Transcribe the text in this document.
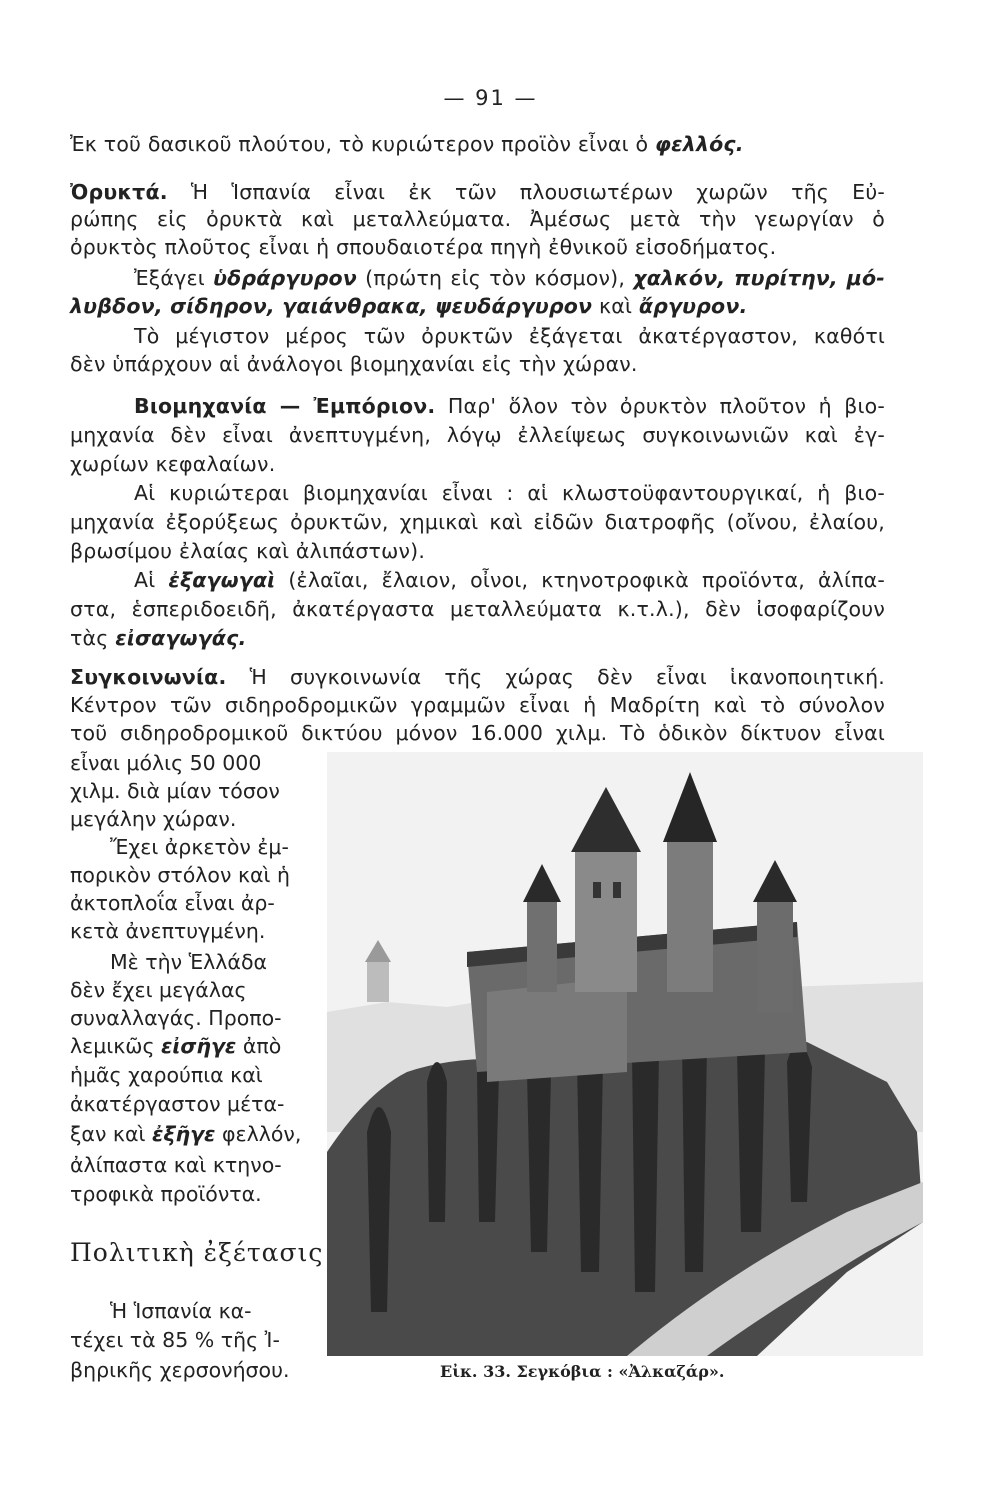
— 91 —
Ἐκ τοῦ δασικοῦ πλούτου, τὸ κυριώτερον προϊὸν εἶναι ὁ φελλός.
Ὀρυκτά. Ἡ Ἱσπανία εἶναι ἐκ τῶν πλουσιωτέρων χωρῶν τῆς Εὐ-
ρώπης εἰς ὀρυκτὰ καὶ μεταλλεύματα. Ἀμέσως μετὰ τὴν γεωργίαν ὁ
ὀρυκτὸς πλοῦτος εἶναι ἡ σπουδαιοτέρα πηγὴ ἐθνικοῦ εἰσοδήματος.
Ἐξάγει ὑδράργυρον (πρώτη εἰς τὸν κόσμον), χαλκόν, πυρίτην, μό-
λυβδον, σίδηρον, γαιάνθρακα, ψευδάργυρον καὶ ἄργυρον.
Τὸ μέγιστον μέρος τῶν ὀρυκτῶν ἐξάγεται ἀκατέργαστον, καθότι
δὲν ὑπάρχουν αἱ ἀνάλογοι βιομηχανίαι εἰς τὴν χώραν.
Βιομηχανία — Ἐμπόριον. Παρ' ὅλον τὸν ὀρυκτὸν πλοῦτον ἡ βιο-
μηχανία δὲν εἶναι ἀνεπτυγμένη, λόγῳ ἐλλείψεως συγκοινωνιῶν καὶ ἐγ-
χωρίων κεφαλαίων.
Αἱ κυριώτεραι βιομηχανίαι εἶναι : αἱ κλωστοϋφαντουργικαί, ἡ βιο-
μηχανία ἐξορύξεως ὀρυκτῶν, χημικαὶ καὶ εἰδῶν διατροφῆς (οἴνου, ἐλαίου,
βρωσίμου ἐλαίας καὶ ἀλιπάστων).
Αἱ ἐξαγωγαὶ (ἐλαῖαι, ἔλαιον, οἶνοι, κτηνοτροφικὰ προϊόντα, ἀλίπα-
στα, ἑσπεριδοειδῆ, ἀκατέργαστα μεταλλεύματα κ.τ.λ.), δὲν ἰσοφαρίζουν
τὰς εἰσαγωγάς.
Συγκοινωνία. Ἡ συγκοινωνία τῆς χώρας δὲν εἶναι ἱκανοποιητική.
Κέντρον τῶν σιδηροδρομικῶν γραμμῶν εἶναι ἡ Μαδρίτη καὶ τὸ σύνολον
τοῦ σιδηροδρομικοῦ δικτύου μόνον 16.000 χιλμ. Τὸ ὁδικὸν δίκτυον εἶναι
εἶναι μόλις 50 000
χιλμ. διὰ μίαν τόσον
μεγάλην χώραν.
Ἔχει ἀρκετὸν ἐμ-
πορικὸν στόλον καὶ ἡ
ἀκτοπλοΐα εἶναι ἀρ-
κετὰ ἀνεπτυγμένη.
Μὲ τὴν Ἑλλάδα
δὲν ἔχει μεγάλας
συναλλαγάς. Προπο-
λεμικῶς εἰσῆγε ἀπὸ
ἡμᾶς χαρούπια καὶ
ἀκατέργαστον μέτα-
ξαν καὶ ἐξῆγε φελλόν,
ἀλίπαστα καὶ κτηνο-
τροφικὰ προϊόντα.
Πολιτικὴ ἐξέτασις
Ἡ Ἱσπανία κα-
τέχει τὰ 85 % τῆς Ἰ-
βηρικῆς χερσονήσου.	Εἰκ. 33. Σεγκόβια : «Ἀλκαζάρ».
